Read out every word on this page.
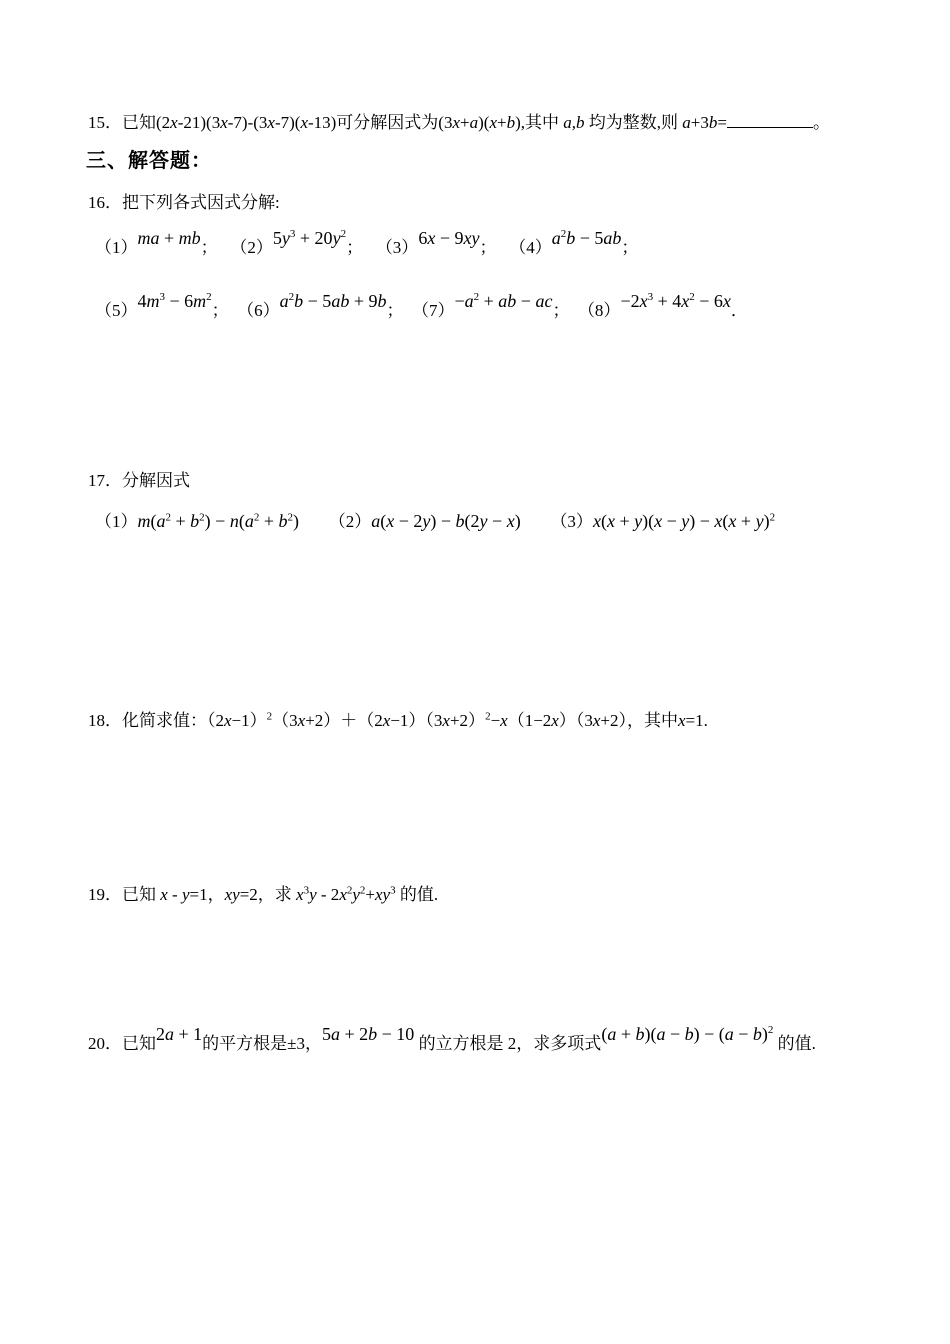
15．已知(2x-21)(3x-7)-(3x-7)(x-13)可分解因式为(3x+a)(x+b),其中 a,b 均为整数,则 a+3b=	。
三、解答题：
16．把下列各式因式分解:
（1）ma + mb；   $(2)5y^3 + 20y^2$；   （3）6x − 9xy；   $(4)a^2b - 5ab$；
$(5)4m^3 - 6m^2$；  $(6)a^2b - 5ab + 9b$；  $(7)-a^2$ + ab − ac；  $(8)-2x^3 + 4x^2 - 6x$．
17．分解因式
$(1)m(a^2 + b^2) - n(a^2 + b^2) (2)a(x - 2y) - b(2y - x) (3)x(x + y)(x - y) - x(x + y)^2$
18．化简求值：$(2x-1)^2(3x+2)+(2x-1)(3x+2)^2-x(1-2x)(3x+2)$，其中x=1.
19．已知 x - y=1，xy=2，求 $x^3y - 2x^2y^2+xy^3$ 的值.
20．已知2a + 1的平方根是±3，5a + 2b − 10 的立方根是 2，求多项式$(a + b)(a - b) - (a - b)^2$ 的值.
